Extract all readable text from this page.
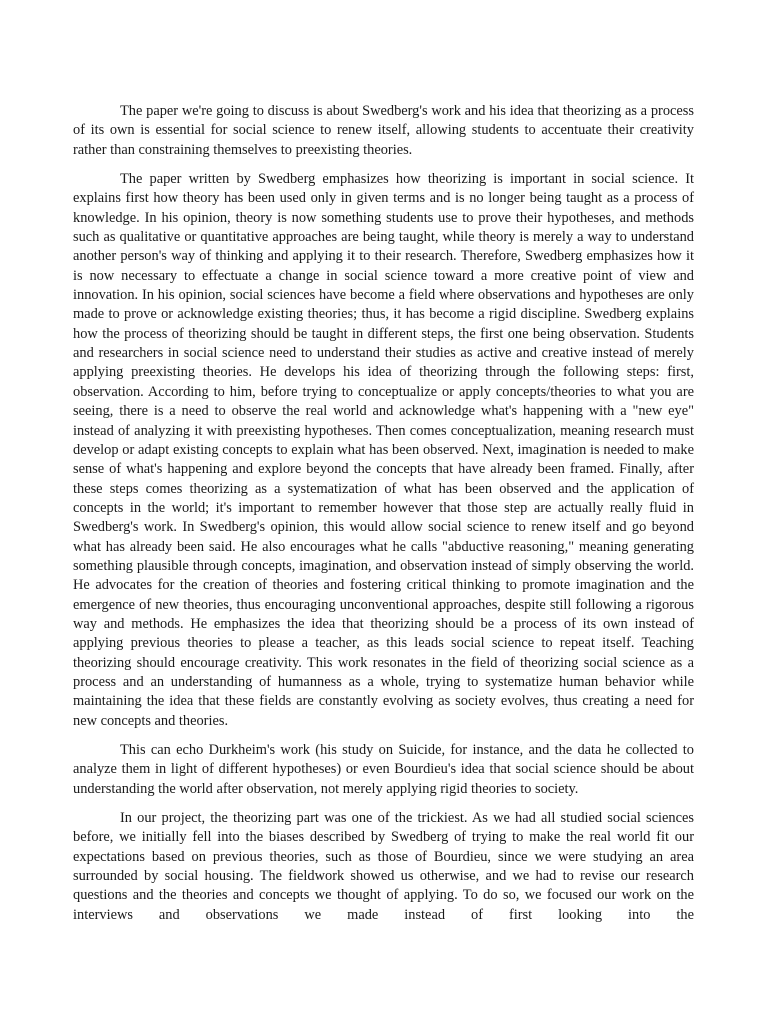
The paper we're going to discuss is about Swedberg's work and his idea that theorizing as a process of its own is essential for social science to renew itself, allowing students to accentuate their creativity rather than constraining themselves to preexisting theories.

The paper written by Swedberg emphasizes how theorizing is important in social science. It explains first how theory has been used only in given terms and is no longer being taught as a process of knowledge. In his opinion, theory is now something students use to prove their hypotheses, and methods such as qualitative or quantitative approaches are being taught, while theory is merely a way to understand another person's way of thinking and applying it to their research. Therefore, Swedberg emphasizes how it is now necessary to effectuate a change in social science toward a more creative point of view and innovation. In his opinion, social sciences have become a field where observations and hypotheses are only made to prove or acknowledge existing theories; thus, it has become a rigid discipline. Swedberg explains how the process of theorizing should be taught in different steps, the first one being observation. Students and researchers in social science need to understand their studies as active and creative instead of merely applying preexisting theories. He develops his idea of theorizing through the following steps: first, observation. According to him, before trying to conceptualize or apply concepts/theories to what you are seeing, there is a need to observe the real world and acknowledge what's happening with a "new eye" instead of analyzing it with preexisting hypotheses. Then comes conceptualization, meaning research must develop or adapt existing concepts to explain what has been observed. Next, imagination is needed to make sense of what's happening and explore beyond the concepts that have already been framed. Finally, after these steps comes theorizing as a systematization of what has been observed and the application of concepts in the world; it's important to remember however that those step are actually really fluid in Swedberg's work. In Swedberg's opinion, this would allow social science to renew itself and go beyond what has already been said. He also encourages what he calls "abductive reasoning," meaning generating something plausible through concepts, imagination, and observation instead of simply observing the world. He advocates for the creation of theories and fostering critical thinking to promote imagination and the emergence of new theories, thus encouraging unconventional approaches, despite still following a rigorous way and methods. He emphasizes the idea that theorizing should be a process of its own instead of applying previous theories to please a teacher, as this leads social science to repeat itself. Teaching theorizing should encourage creativity. This work resonates in the field of theorizing social science as a process and an understanding of humanness as a whole, trying to systematize human behavior while maintaining the idea that these fields are constantly evolving as society evolves, thus creating a need for new concepts and theories.

This can echo Durkheim's work (his study on Suicide, for instance, and the data he collected to analyze them in light of different hypotheses) or even Bourdieu's idea that social science should be about understanding the world after observation, not merely applying rigid theories to society.

In our project, the theorizing part was one of the trickiest. As we had all studied social sciences before, we initially fell into the biases described by Swedberg of trying to make the real world fit our expectations based on previous theories, such as those of Bourdieu, since we were studying an area surrounded by social housing. The fieldwork showed us otherwise, and we had to revise our research questions and the theories and concepts we thought of applying. To do so, we focused our work on the interviews and observations we made instead of first looking into the
